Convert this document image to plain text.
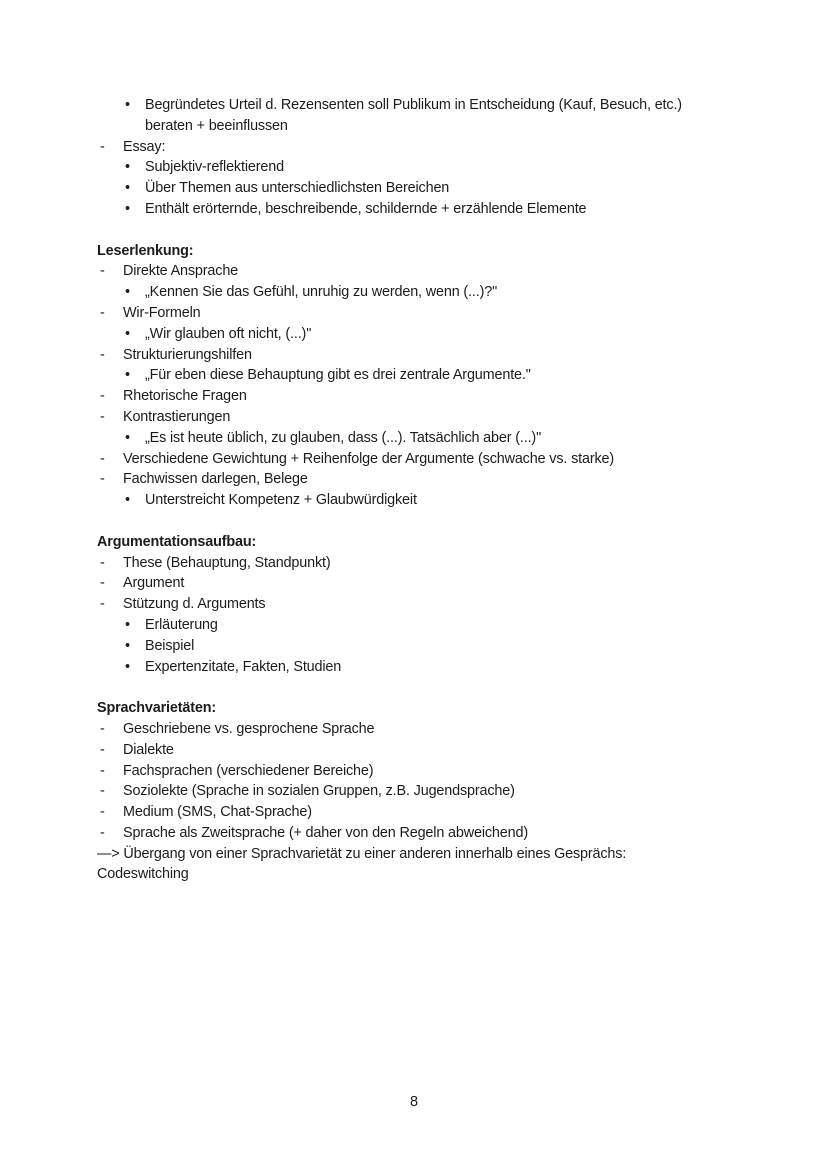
•	Begründetes Urteil d. Rezensenten soll Publikum in Entscheidung (Kauf, Besuch, etc.) beraten + beeinflussen
-	Essay:
•	Subjektiv-reflektierend
•	Über Themen aus unterschiedlichsten Bereichen
•	Enthält erörternde, beschreibende, schildernde + erzählende Elemente
Leserlenkung:
-	Direkte Ansprache
•	„Kennen Sie das Gefühl, unruhig zu werden, wenn (...)?"
-	Wir-Formeln
•	„Wir glauben oft nicht, (...)"
-	Strukturierungshilfen
•	„Für eben diese Behauptung gibt es drei zentrale Argumente."
-	Rhetorische Fragen
-	Kontrastierungen
•	„Es ist heute üblich, zu glauben, dass (...). Tatsächlich aber (...)"
-	Verschiedene Gewichtung + Reihenfolge der Argumente (schwache vs. starke)
-	Fachwissen darlegen, Belege
•	Unterstreicht Kompetenz + Glaubwürdigkeit
Argumentationsaufbau:
-	These (Behauptung, Standpunkt)
-	Argument
-	Stützung d. Arguments
•	Erläuterung
•	Beispiel
•	Expertenzitate, Fakten, Studien
Sprachvarietäten:
-	Geschriebene vs. gesprochene Sprache
-	Dialekte
-	Fachsprachen (verschiedener Bereiche)
-	Soziolekte (Sprache in sozialen Gruppen, z.B. Jugendsprache)
-	Medium (SMS, Chat-Sprache)
-	Sprache als Zweitsprache (+ daher von den Regeln abweichend)
—> Übergang von einer Sprachvarietät zu einer anderen innerhalb eines Gesprächs:
Codeswitching
8
